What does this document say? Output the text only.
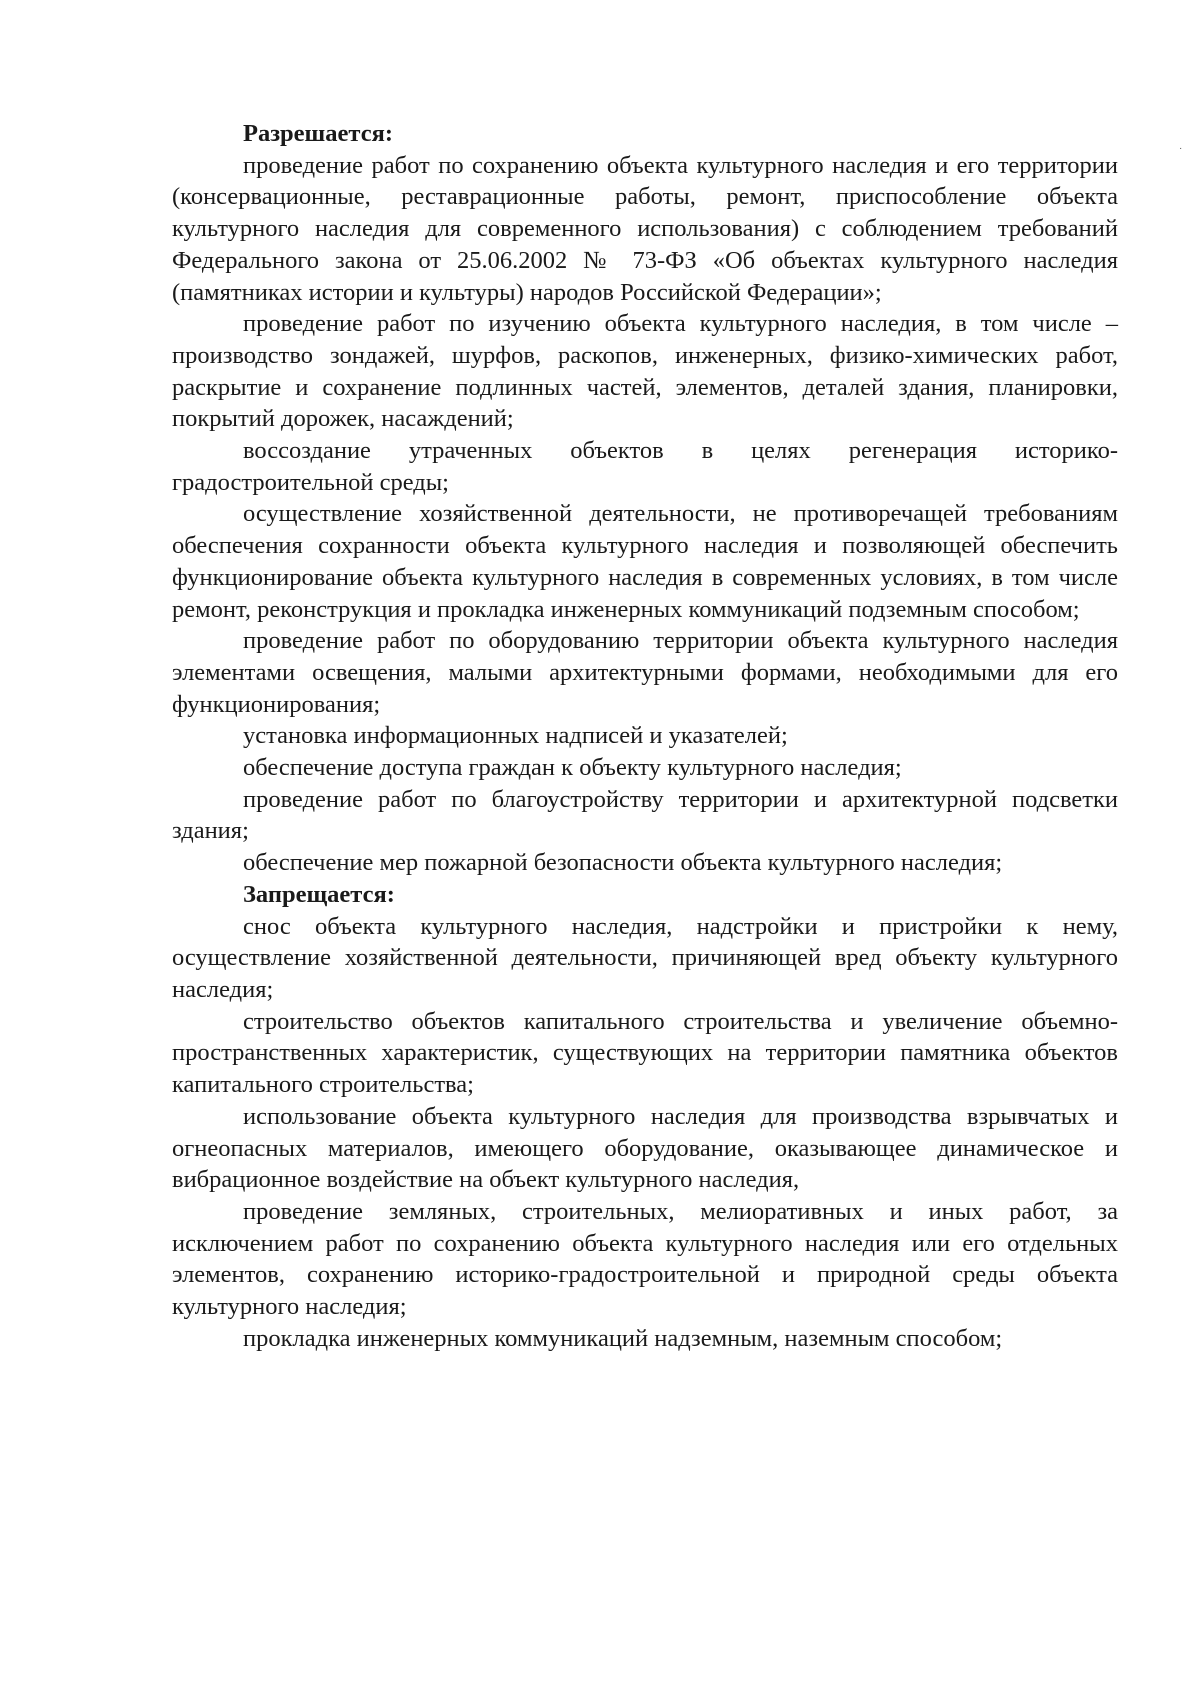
Разрешается:

проведение работ по сохранению объекта культурного наследия и его территории (консервационные, реставрационные работы, ремонт, приспособление объекта культурного наследия для современного использования) с соблюдением требований Федерального закона от 25.06.2002 № 73-ФЗ «Об объектах культурного наследия (памятниках истории и культуры) народов Российской Федерации»;

проведение работ по изучению объекта культурного наследия, в том числе – производство зондажей, шурфов, раскопов, инженерных, физико-химических работ, раскрытие и сохранение подлинных частей, элементов, деталей здания, планировки, покрытий дорожек, насаждений;

воссоздание утраченных объектов в целях регенерация историко-градостроительной среды;

осуществление хозяйственной деятельности, не противоречащей требованиям обеспечения сохранности объекта культурного наследия и позволяющей обеспечить функционирование объекта культурного наследия в современных условиях, в том числе ремонт, реконструкция и прокладка инженерных коммуникаций подземным способом;

проведение работ по оборудованию территории объекта культурного наследия элементами освещения, малыми архитектурными формами, необходимыми для его функционирования;

установка информационных надписей и указателей;

обеспечение доступа граждан к объекту культурного наследия;

проведение работ по благоустройству территории и архитектурной подсветки здания;

обеспечение мер пожарной безопасности объекта культурного наследия;

Запрещается:

снос объекта культурного наследия, надстройки и пристройки к нему, осуществление хозяйственной деятельности, причиняющей вред объекту культурного наследия;

строительство объектов капитального строительства и увеличение объемно-пространственных характеристик, существующих на территории памятника объектов капитального строительства;

использование объекта культурного наследия для производства взрывчатых и огнеопасных материалов, имеющего оборудование, оказывающее динамическое и вибрационное воздействие на объект культурного наследия,

проведение земляных, строительных, мелиоративных и иных работ, за исключением работ по сохранению объекта культурного наследия или его отдельных элементов, сохранению историко-градостроительной и природной среды объекта культурного наследия;

прокладка инженерных коммуникаций надземным, наземным способом;

·
